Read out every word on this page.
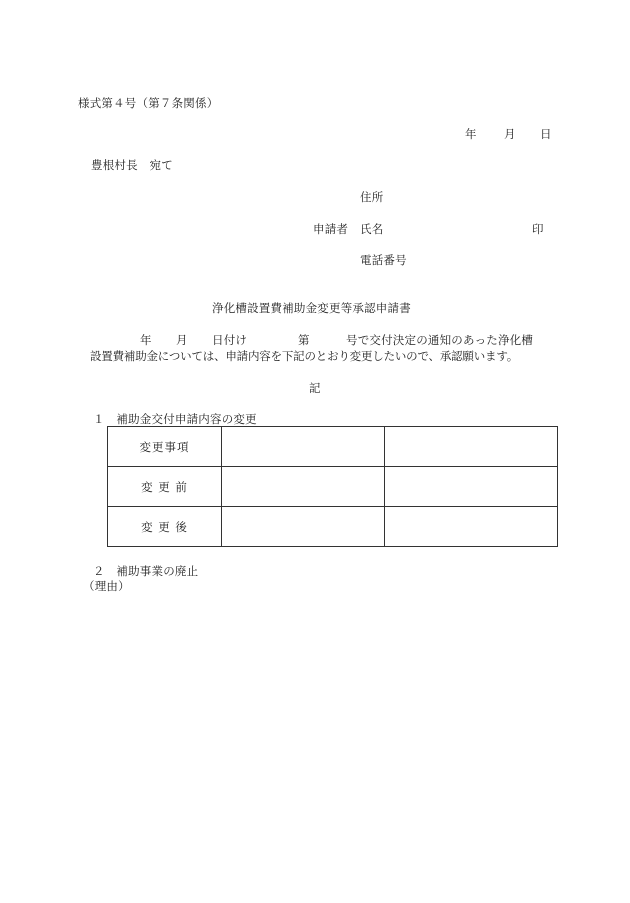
様式第４号（第７条関係）
年 月 日
豊根村長　宛て
住所
申請者 氏名	印
電話番号
浄化槽設置費補助金変更等承認申請書
年 月 日付け	第	号で交付決定の通知のあった浄化槽
設置費補助金については、申請内容を下記のとおり変更したいので、承認願います。
記
１　補助金交付申請内容の変更
変更事項		
変 更 前		
変 更 後		
２　補助事業の廃止
（理由）
